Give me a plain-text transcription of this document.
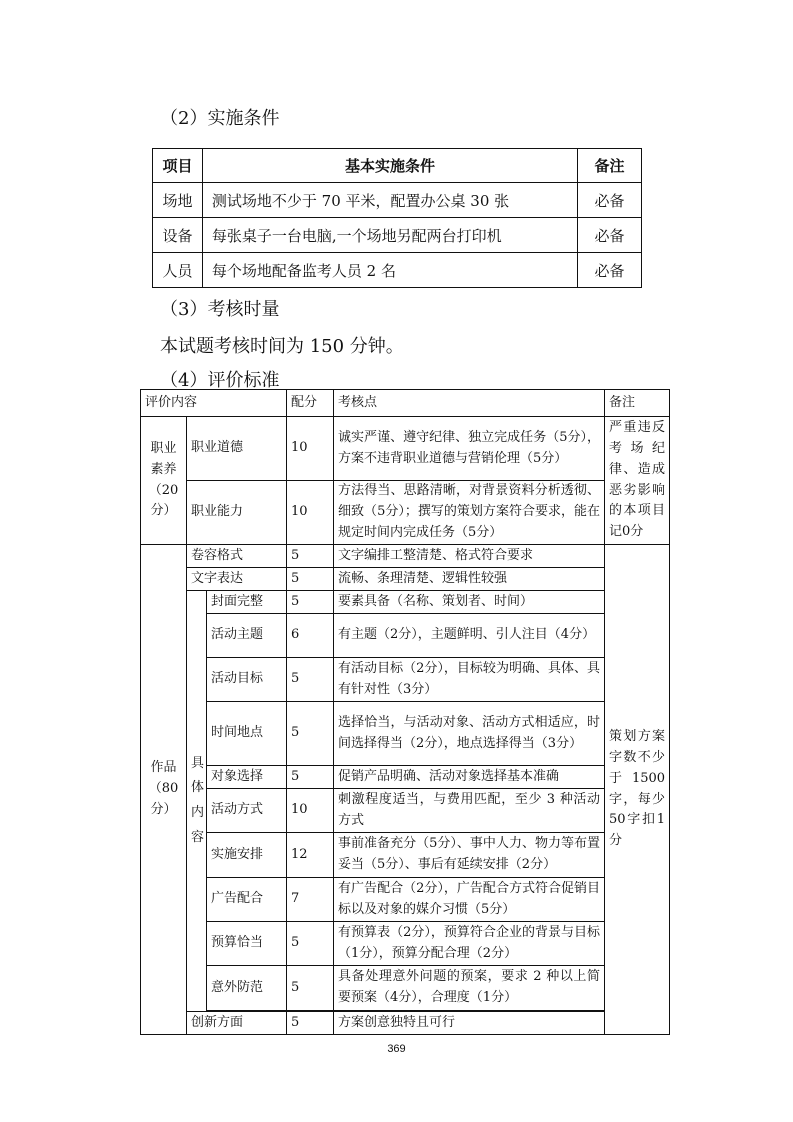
（2）实施条件
项目	基本实施条件	备注
场地	测试场地不少于 70 平米，配置办公桌 30 张	必备
设备	每张桌子一台电脑,一个场地另配两台打印机	必备
人员	每个场地配备监考人员 2 名	必备
（3）考核时量
本试题考核时间为 150 分钟。
（4）评价标准
评价内容			配分	考核点	备注
职业素养（20分）	职业道德		10	诚实严谨、遵守纪律、独立完成任务（5分），方案不违背职业道德与营销伦理（5分）	严重违反考场纪律、造成恶劣影响的本项目记0分
	职业能力		10	方法得当、思路清晰，对背景资料分析透彻、细致（5分）；撰写的策划方案符合要求，能在规定时间内完成任务（5分）	
作品（80分）	卷容格式		5	文字编排工整清楚、格式符合要求	策划方案字数不少于1500字，每少50字扣1分
	文字表达		5	流畅、条理清楚、逻辑性较强	
	具体内容	封面完整	5	要素具备（名称、策划者、时间）	
		活动主题	6	有主题（2分），主题鲜明、引人注目（4分）	
		活动目标	5	有活动目标（2分），目标较为明确、具体、具有针对性（3分）	
		时间地点	5	选择恰当，与活动对象、活动方式相适应，时间选择得当（2分），地点选择得当（3分）	
		对象选择	5	促销产品明确、活动对象选择基本准确	
		活动方式	10	刺激程度适当，与费用匹配，至少 3 种活动方式	
		实施安排	12	事前准备充分（5分）、事中人力、物力等布置妥当（5分）、事后有延续安排（2分）	
		广告配合	7	有广告配合（2分），广告配合方式符合促销目标以及对象的媒介习惯（5分）	
		预算恰当	5	有预算表（2分），预算符合企业的背景与目标（1分），预算分配合理（2分）	
		意外防范	5	具备处理意外问题的预案，要求 2 种以上简要预案（4分），合理度（1分）	

	创新方面		5	方案创意独特且可行	
369
